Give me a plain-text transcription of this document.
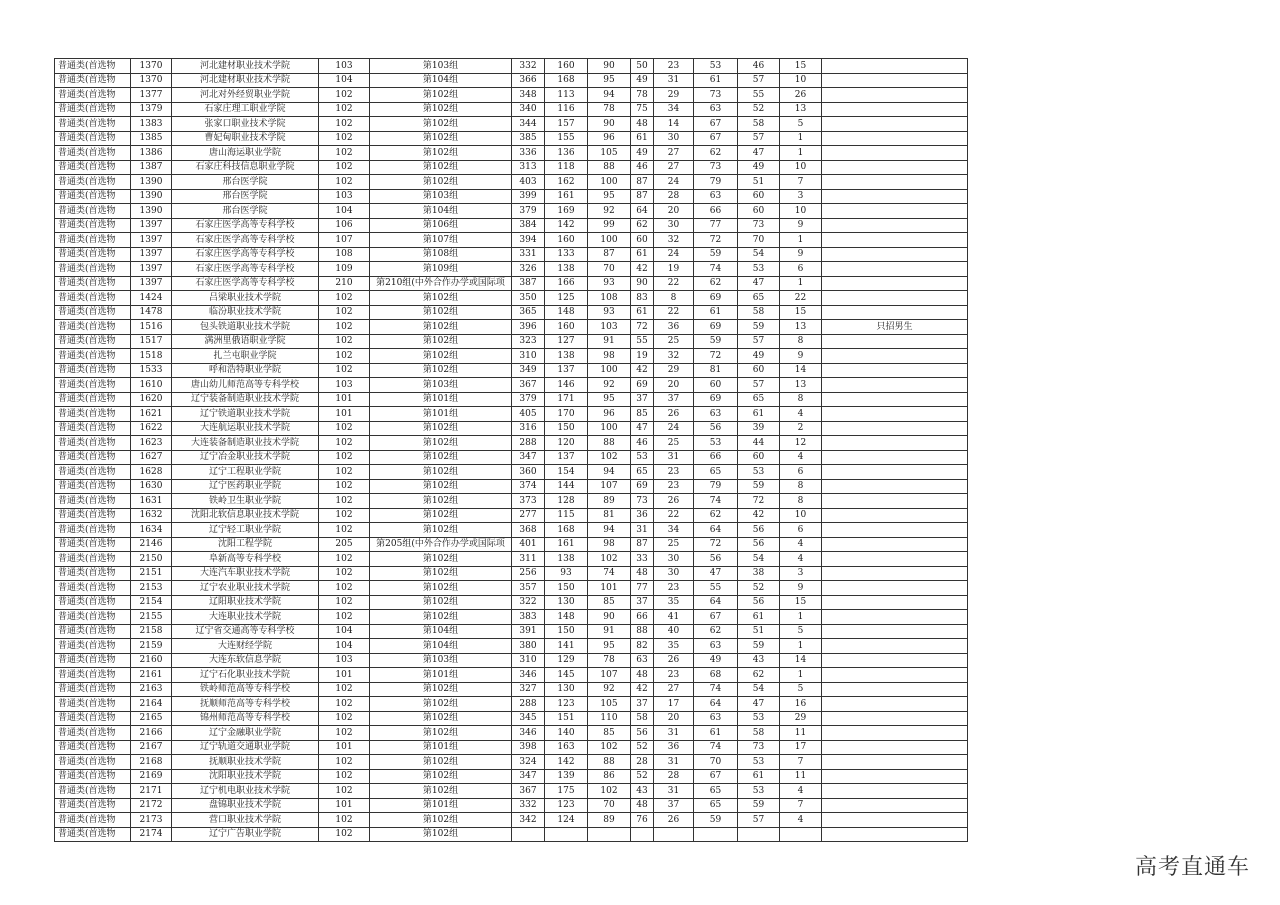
普通类(首选物	1370	河北建材职业技术学院	103	第103组	332	160	90	50	23	53	46	15	
普通类(首选物	1370	河北建材职业技术学院	104	第104组	366	168	95	49	31	61	57	10	
普通类(首选物	1377	河北对外经贸职业学院	102	第102组	348	113	94	78	29	73	55	26	
普通类(首选物	1379	石家庄理工职业学院	102	第102组	340	116	78	75	34	63	52	13	
普通类(首选物	1383	张家口职业技术学院	102	第102组	344	157	90	48	14	67	58	5	
普通类(首选物	1385	曹妃甸职业技术学院	102	第102组	385	155	96	61	30	67	57	1	
普通类(首选物	1386	唐山海运职业学院	102	第102组	336	136	105	49	27	62	47	1	
普通类(首选物	1387	石家庄科技信息职业学院	102	第102组	313	118	88	46	27	73	49	10	
普通类(首选物	1390	邢台医学院	102	第102组	403	162	100	87	24	79	51	7	
普通类(首选物	1390	邢台医学院	103	第103组	399	161	95	87	28	63	60	3	
普通类(首选物	1390	邢台医学院	104	第104组	379	169	92	64	20	66	60	10	
普通类(首选物	1397	石家庄医学高等专科学校	106	第106组	384	142	99	62	30	77	73	9	
普通类(首选物	1397	石家庄医学高等专科学校	107	第107组	394	160	100	60	32	72	70	1	
普通类(首选物	1397	石家庄医学高等专科学校	108	第108组	331	133	87	61	24	59	54	9	
普通类(首选物	1397	石家庄医学高等专科学校	109	第109组	326	138	70	42	19	74	53	6	
普通类(首选物	1397	石家庄医学高等专科学校	210	第210组(中外合作办学或国际项	387	166	93	90	22	62	47	1	
普通类(首选物	1424	吕梁职业技术学院	102	第102组	350	125	108	83	8	69	65	22	
普通类(首选物	1478	临汾职业技术学院	102	第102组	365	148	93	61	22	61	58	15	
普通类(首选物	1516	包头铁道职业技术学院	102	第102组	396	160	103	72	36	69	59	13	只招男生
普通类(首选物	1517	满洲里俄语职业学院	102	第102组	323	127	91	55	25	59	57	8	
普通类(首选物	1518	扎兰屯职业学院	102	第102组	310	138	98	19	32	72	49	9	
普通类(首选物	1533	呼和浩特职业学院	102	第102组	349	137	100	42	29	81	60	14	
普通类(首选物	1610	唐山幼儿师范高等专科学校	103	第103组	367	146	92	69	20	60	57	13	
普通类(首选物	1620	辽宁装备制造职业技术学院	101	第101组	379	171	95	37	37	69	65	8	
普通类(首选物	1621	辽宁铁道职业技术学院	101	第101组	405	170	96	85	26	63	61	4	
普通类(首选物	1622	大连航运职业技术学院	102	第102组	316	150	100	47	24	56	39	2	
普通类(首选物	1623	大连装备制造职业技术学院	102	第102组	288	120	88	46	25	53	44	12	
普通类(首选物	1627	辽宁冶金职业技术学院	102	第102组	347	137	102	53	31	66	60	4	
普通类(首选物	1628	辽宁工程职业学院	102	第102组	360	154	94	65	23	65	53	6	
普通类(首选物	1630	辽宁医药职业学院	102	第102组	374	144	107	69	23	79	59	8	
普通类(首选物	1631	铁岭卫生职业学院	102	第102组	373	128	89	73	26	74	72	8	
普通类(首选物	1632	沈阳北软信息职业技术学院	102	第102组	277	115	81	36	22	62	42	10	
普通类(首选物	1634	辽宁轻工职业学院	102	第102组	368	168	94	31	34	64	56	6	
普通类(首选物	2146	沈阳工程学院	205	第205组(中外合作办学或国际项	401	161	98	87	25	72	56	4	
普通类(首选物	2150	阜新高等专科学校	102	第102组	311	138	102	33	30	56	54	4	
普通类(首选物	2151	大连汽车职业技术学院	102	第102组	256	93	74	48	30	47	38	3	
普通类(首选物	2153	辽宁农业职业技术学院	102	第102组	357	150	101	77	23	55	52	9	
普通类(首选物	2154	辽阳职业技术学院	102	第102组	322	130	85	37	35	64	56	15	
普通类(首选物	2155	大连职业技术学院	102	第102组	383	148	90	66	41	67	61	1	
普通类(首选物	2158	辽宁省交通高等专科学校	104	第104组	391	150	91	88	40	62	51	5	
普通类(首选物	2159	大连财经学院	104	第104组	380	141	95	82	35	63	59	1	
普通类(首选物	2160	大连东软信息学院	103	第103组	310	129	78	63	26	49	43	14	
普通类(首选物	2161	辽宁石化职业技术学院	101	第101组	346	145	107	48	23	68	62	1	
普通类(首选物	2163	铁岭师范高等专科学校	102	第102组	327	130	92	42	27	74	54	5	
普通类(首选物	2164	抚顺师范高等专科学校	102	第102组	288	123	105	37	17	64	47	16	
普通类(首选物	2165	锦州师范高等专科学校	102	第102组	345	151	110	58	20	63	53	29	
普通类(首选物	2166	辽宁金融职业学院	102	第102组	346	140	85	56	31	61	58	11	
普通类(首选物	2167	辽宁轨道交通职业学院	101	第101组	398	163	102	52	36	74	73	17	
普通类(首选物	2168	抚顺职业技术学院	102	第102组	324	142	88	28	31	70	53	7	
普通类(首选物	2169	沈阳职业技术学院	102	第102组	347	139	86	52	28	67	61	11	
普通类(首选物	2171	辽宁机电职业技术学院	102	第102组	367	175	102	43	31	65	53	4	
普通类(首选物	2172	盘锦职业技术学院	101	第101组	332	123	70	48	37	65	59	7	
普通类(首选物	2173	营口职业技术学院	102	第102组	342	124	89	76	26	59	57	4	
普通类(首选物	2174	辽宁广告职业学院	102	第102组									
高考直通车
